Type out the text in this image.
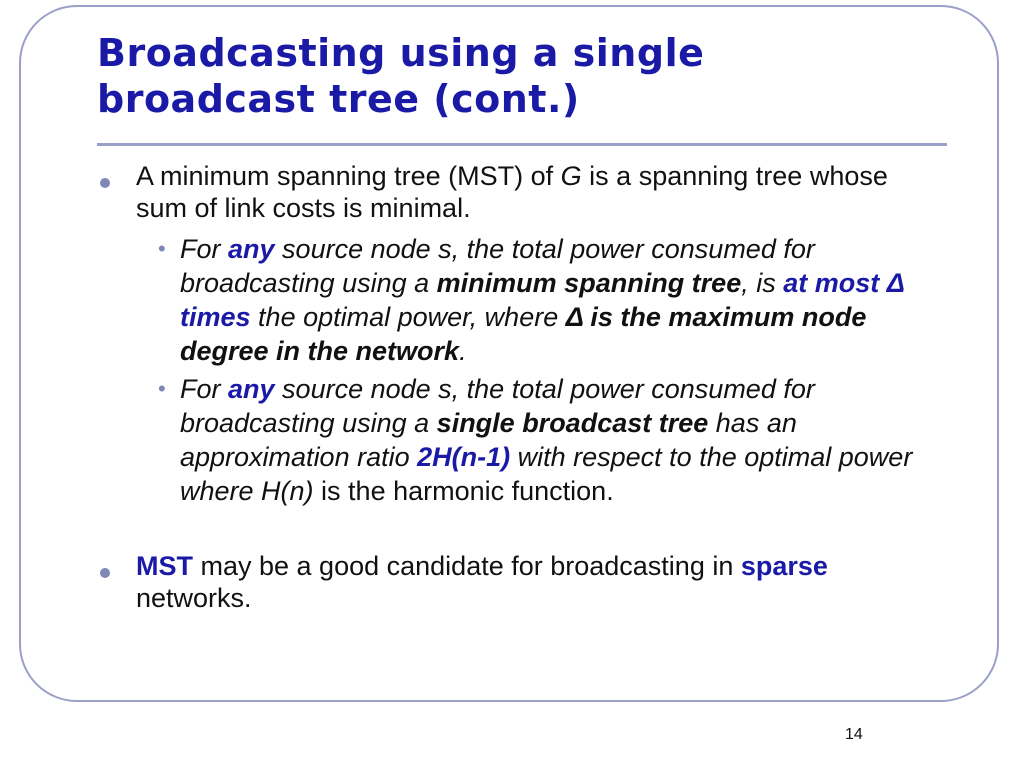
Broadcasting using a single
broadcast tree (cont.)
A minimum spanning tree (MST) of G is a spanning tree whose sum of link costs is minimal.
• For any source node s, the total power consumed for broadcasting using a minimum spanning tree, is at most Δ times the optimal power, where Δ is the maximum node degree in the network.
• For any source node s, the total power consumed for broadcasting using a single broadcast tree has an approximation ratio 2H(n-1) with respect to the optimal power where H(n) is the harmonic function.
MST may be a good candidate for broadcasting in sparse networks.
14
